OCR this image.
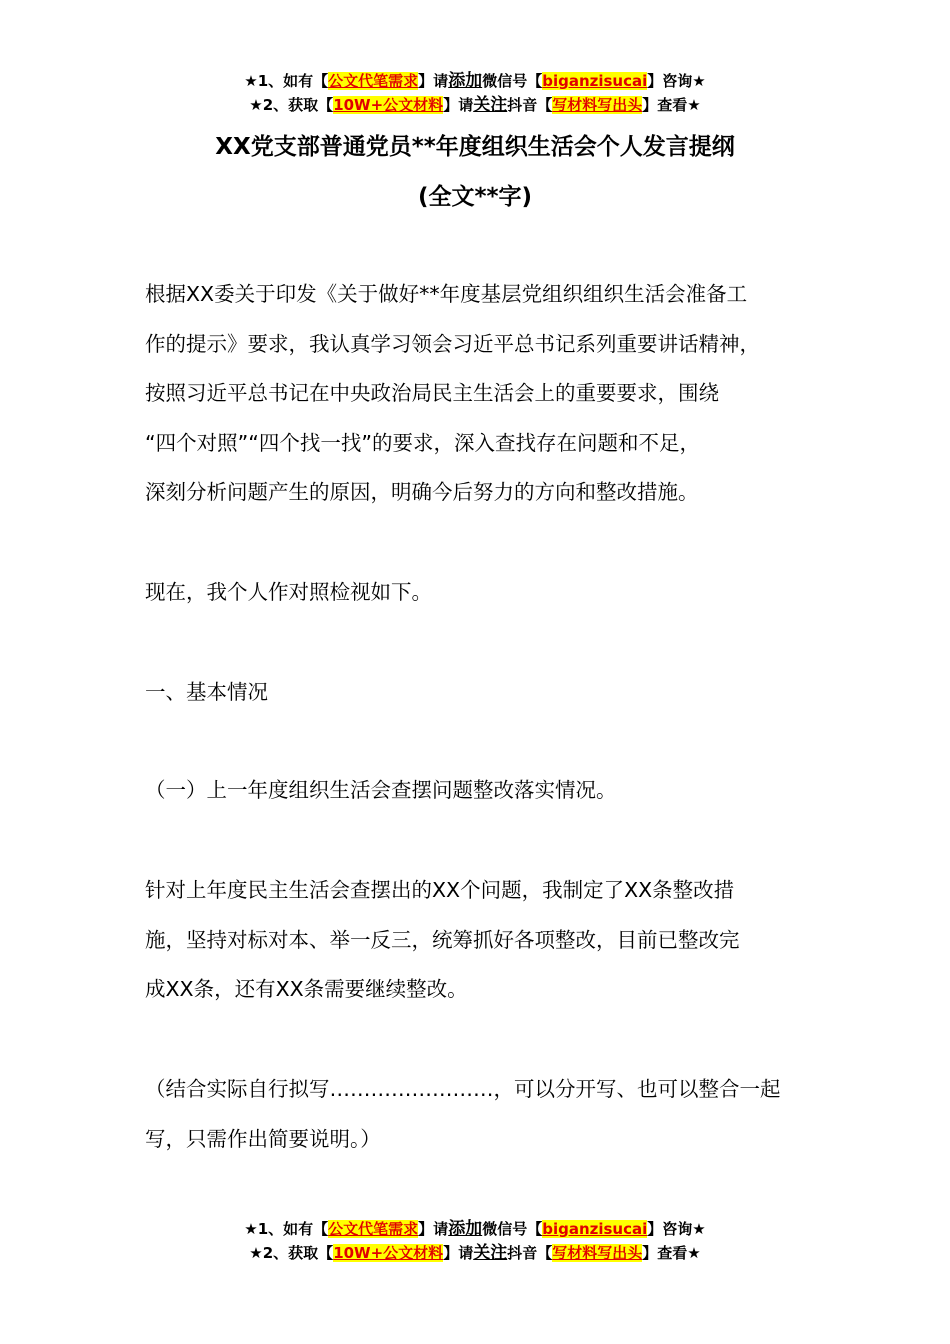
★1、如有【公文代笔需求】请添加微信号【biganzisucai】咨询★
★2、获取【10W+公文材料】请关注抖音【写材料写出头】查看★
XX党支部普通党员**年度组织生活会个人发言提纲
(全文**字)
根据XX委关于印发《关于做好**年度基层党组织组织生活会准备工
作的提示》要求，我认真学习领会习近平总书记系列重要讲话精神，
按照习近平总书记在中央政治局民主生活会上的重要要求，围绕
“四个对照”“四个找一找”的要求，深入查找存在问题和不足，
深刻分析问题产生的原因，明确今后努力的方向和整改措施。
现在，我个人作对照检视如下。
一、基本情况
（一）上一年度组织生活会查摆问题整改落实情况。
针对上年度民主生活会查摆出的XX个问题，我制定了XX条整改措
施，坚持对标对本、举一反三，统筹抓好各项整改，目前已整改完
成XX条，还有XX条需要继续整改。
（结合实际自行拟写……………………，可以分开写、也可以整合一起
写，只需作出简要说明。）
★1、如有【公文代笔需求】请添加微信号【biganzisucai】咨询★
★2、获取【10W+公文材料】请关注抖音【写材料写出头】查看★
